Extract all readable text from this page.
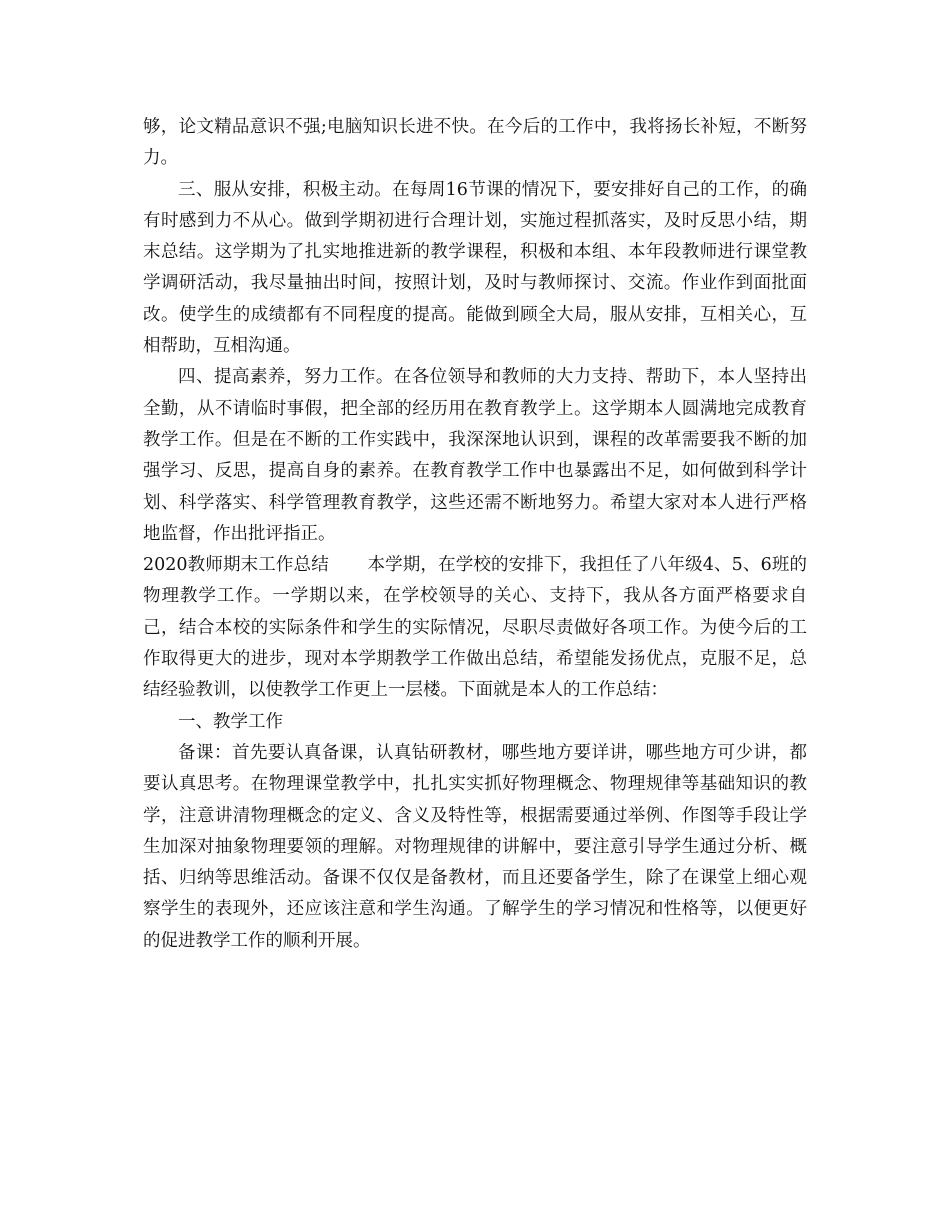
够，论文精品意识不强;电脑知识长进不快。在今后的工作中，我将扬长补短，不断努力。

三、服从安排，积极主动。在每周16节课的情况下，要安排好自己的工作，的确有时感到力不从心。做到学期初进行合理计划，实施过程抓落实，及时反思小结，期末总结。这学期为了扎实地推进新的教学课程，积极和本组、本年段教师进行课堂教学调研活动，我尽量抽出时间，按照计划，及时与教师探讨、交流。作业作到面批面改。使学生的成绩都有不同程度的提高。能做到顾全大局，服从安排，互相关心，互相帮助，互相沟通。

四、提高素养，努力工作。在各位领导和教师的大力支持、帮助下，本人坚持出全勤，从不请临时事假，把全部的经历用在教育教学上。这学期本人圆满地完成教育教学工作。但是在不断的工作实践中，我深深地认识到，课程的改革需要我不断的加强学习、反思，提高自身的素养。在教育教学工作中也暴露出不足，如何做到科学计划、科学落实、科学管理教育教学，这些还需不断地努力。希望大家对本人进行严格地监督，作出批评指正。

2020教师期末工作总结 本学期，在学校的安排下，我担任了八年级4、5、6班的物理教学工作。一学期以来，在学校领导的关心、支持下，我从各方面严格要求自己，结合本校的实际条件和学生的实际情况，尽职尽责做好各项工作。为使今后的工作取得更大的进步，现对本学期教学工作做出总结，希望能发扬优点，克服不足，总结经验教训，以使教学工作更上一层楼。下面就是本人的工作总结：

一、教学工作

备课：首先要认真备课，认真钻研教材，哪些地方要详讲，哪些地方可少讲，都要认真思考。在物理课堂教学中，扎扎实实抓好物理概念、物理规律等基础知识的教学，注意讲清物理概念的定义、含义及特性等，根据需要通过举例、作图等手段让学生加深对抽象物理要领的理解。对物理规律的讲解中，要注意引导学生通过分析、概括、归纳等思维活动。备课不仅仅是备教材，而且还要备学生，除了在课堂上细心观察学生的表现外，还应该注意和学生沟通。了解学生的学习情况和性格等，以便更好的促进教学工作的顺利开展。
